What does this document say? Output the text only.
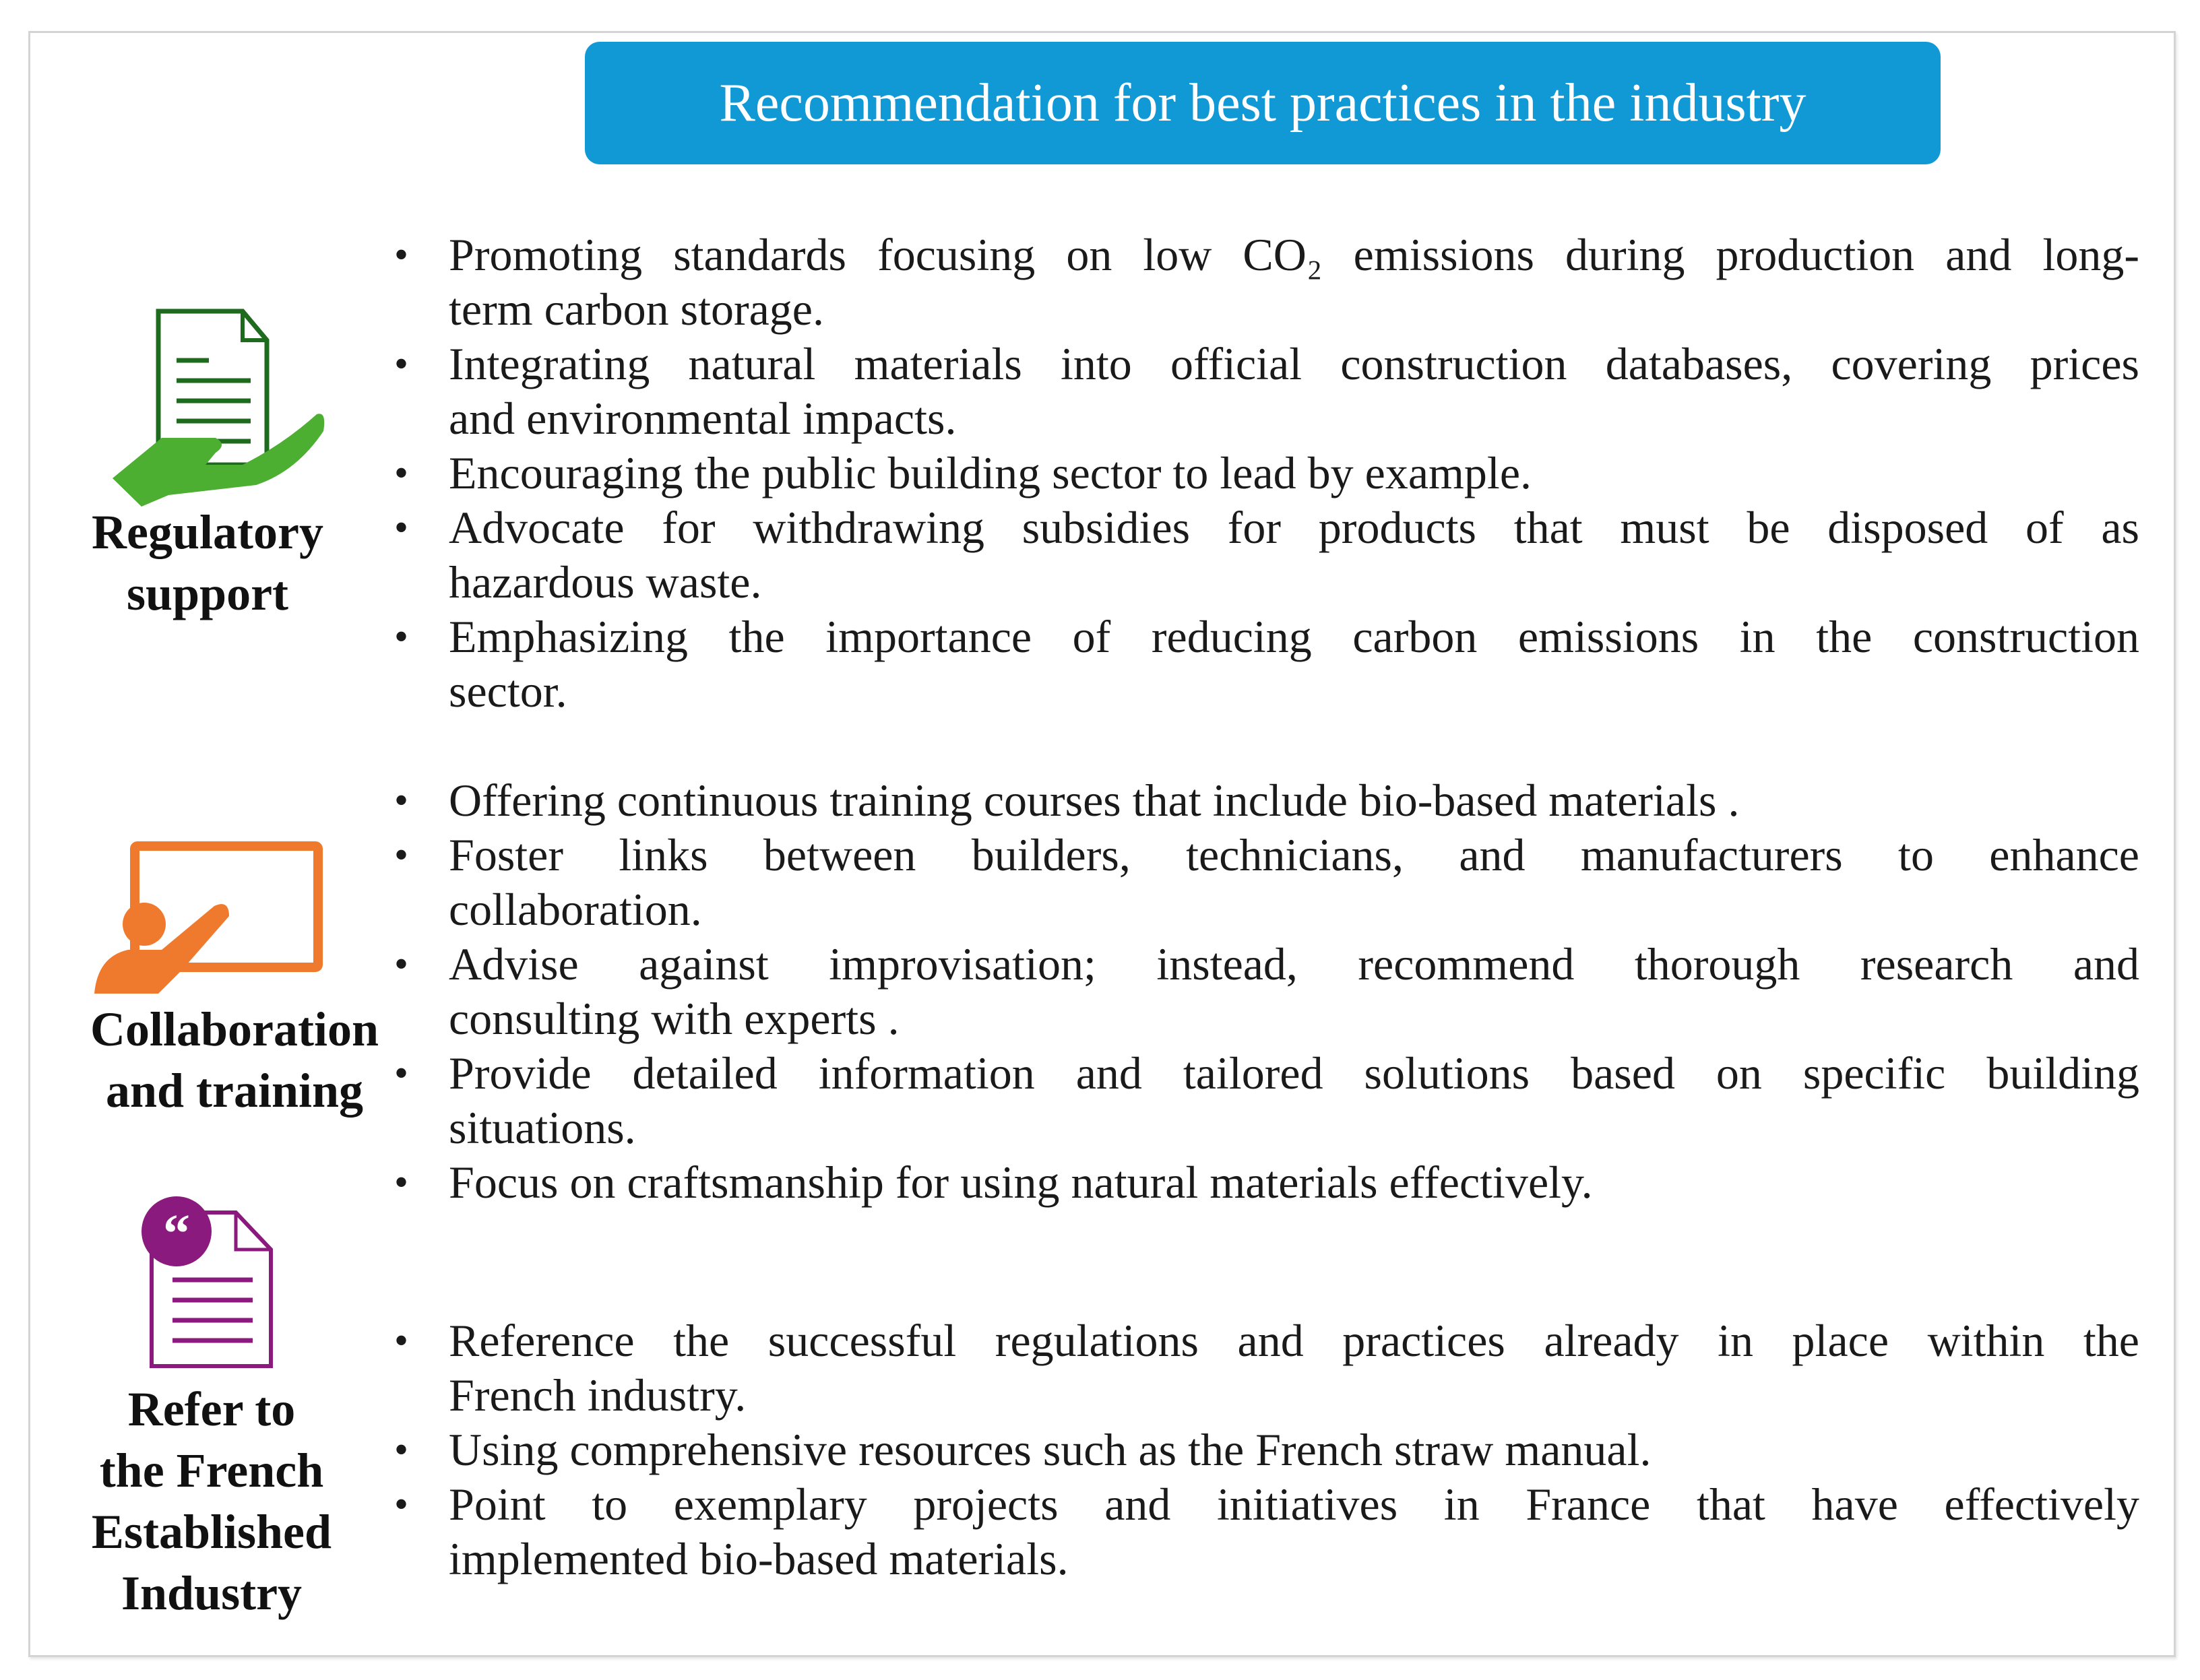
Recommendation for best practices in the industry
“
Regulatory
support
Collaboration
and training
Refer to
the French
Established
Industry
• Promoting standards focusing on low CO₂ emissions during production and long-
term carbon storage.
• Integrating natural materials into official construction databases, covering prices
and environmental impacts.
• Encouraging the public building sector to lead by example.
• Advocate for withdrawing subsidies for products that must be disposed of as
hazardous waste.
• Emphasizing the importance of reducing carbon emissions in the construction
sector.
• Offering continuous training courses that include bio-based materials .
• Foster links between builders, technicians, and manufacturers to enhance
collaboration.
• Advise against improvisation; instead, recommend thorough research and
consulting with experts .
• Provide detailed information and tailored solutions based on specific building
situations.
• Focus on craftsmanship for using natural materials effectively.
• Reference the successful regulations and practices already in place within the
French industry.
• Using comprehensive resources such as the French straw manual.
• Point to exemplary projects and initiatives in France that have effectively
implemented bio-based materials.
